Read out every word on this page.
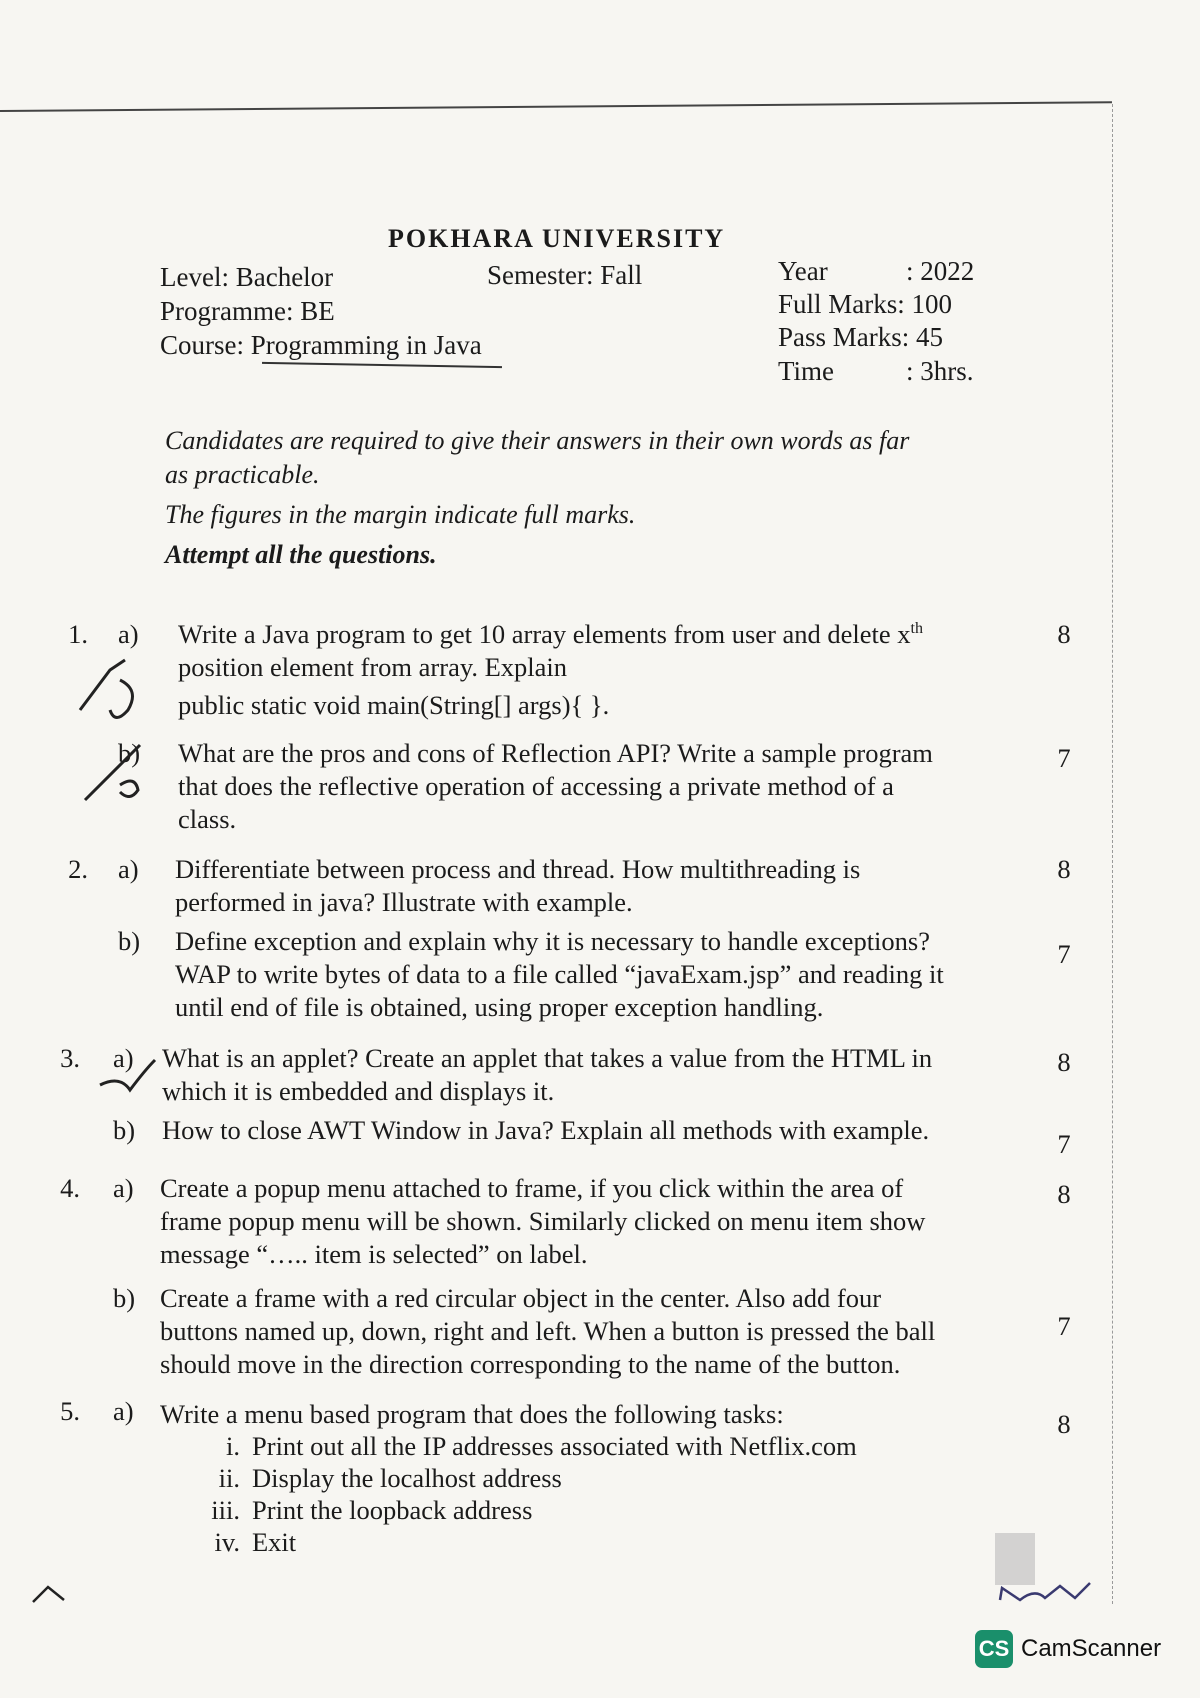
POKHARA UNIVERSITY
Level: Bachelor	Semester: Fall
Programme: BE
Course: Programming in Java
Year	: 2022
Full Marks: 100
Pass Marks: 45
Time	: 3hrs.
Candidates are required to give their answers in their own words as far
as practicable.
The figures in the margin indicate full marks.
Attempt all the questions.
1. a)	Write a Java program to get 10 array elements from user and delete $x^{th}$
position element from array. Explain
public static void main(String[] args){ }.
8
b)	What are the pros and cons of Reflection API? Write a sample program
that does the reflective operation of accessing a private method of a
class.
7
2. a)	Differentiate between process and thread. How multithreading is
performed in java? Illustrate with example.
8
b)	Define exception and explain why it is necessary to handle exceptions?
WAP to write bytes of data to a file called “javaExam.jsp” and reading it
until end of file is obtained, using proper exception handling.
7
3. a)	What is an applet? Create an applet that takes a value from the HTML in
which it is embedded and displays it.
8
b)	How to close AWT Window in Java? Explain all methods with example.	7
4. a) Create a popup menu attached to frame, if you click within the area of
frame popup menu will be shown. Similarly clicked on menu item show
message “….. item is selected” on label.
8
b) Create a frame with a red circular object in the center. Also add four
buttons named up, down, right and left. When a button is pressed the ball
should move in the direction corresponding to the name of the button.
7
5. a) Write a menu based program that does the following tasks:	8
i. Print out all the IP addresses associated with Netflix.com
ii. Display the localhost address
iii. Print the loopback address
iv. Exit
CS CamScanner
